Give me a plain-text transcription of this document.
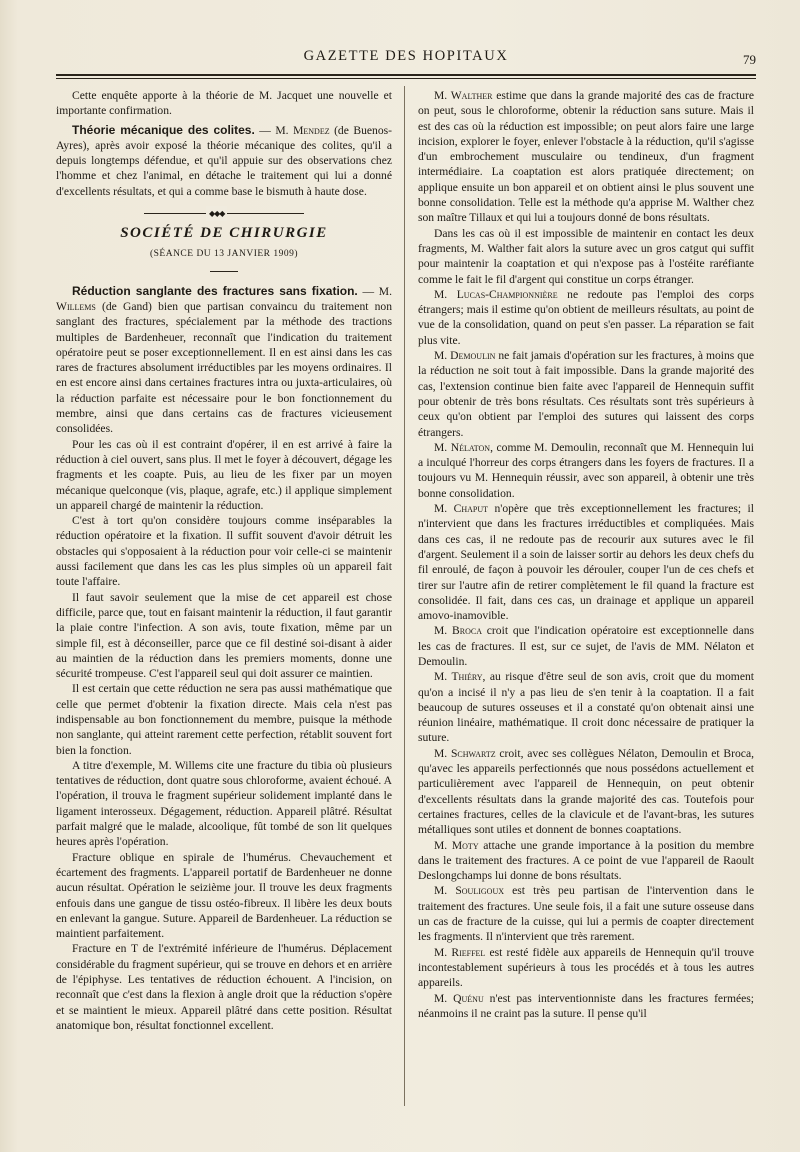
GAZETTE DES HOPITAUX	79

Cette enquête apporte à la théorie de M. Jacquet une nouvelle et importante confirmation.

Théorie mécanique des colites. — M. Mendez (de Buenos-Ayres), après avoir exposé la théorie mécanique des colites, qu'il a depuis longtemps défendue, et qu'il appuie sur des observations chez l'homme et chez l'animal, en détache le traitement qui lui a donné d'excellents résultats, et qui a comme base le bismuth à haute dose.

◆◆◆
SOCIÉTÉ DE CHIRURGIE
(SÉANCE DU 13 JANVIER 1909)

Réduction sanglante des fractures sans fixation. — M. Willems (de Gand) bien que partisan convaincu du traitement non sanglant des fractures, spécialement par la méthode des tractions multiples de Bardenheuer, reconnaît que l'indication du traitement opératoire peut se poser exceptionnellement. Il en est ainsi dans les cas rares de fractures absolument irréductibles par les moyens ordinaires. Il en est encore ainsi dans certaines fractures intra ou juxta-articulaires, où la réduction parfaite est nécessaire pour le bon fonctionnement du membre, ainsi que dans certains cas de fractures vicieusement consolidées.

Pour les cas où il est contraint d'opérer, il en est arrivé à faire la réduction à ciel ouvert, sans plus. Il met le foyer à découvert, dégage les fragments et les coapte. Puis, au lieu de les fixer par un moyen mécanique quelconque (vis, plaque, agrafe, etc.) il applique simplement un appareil chargé de maintenir la réduction.

C'est à tort qu'on considère toujours comme inséparables la réduction opératoire et la fixation. Il suffit souvent d'avoir détruit les obstacles qui s'opposaient à la réduction pour voir celle-ci se maintenir aussi facilement que dans les cas les plus simples où un appareil fait toute l'affaire.

Il faut savoir seulement que la mise de cet appareil est chose difficile, parce que, tout en faisant maintenir la réduction, il faut garantir la plaie contre l'infection. A son avis, toute fixation, même par un simple fil, est à déconseiller, parce que ce fil destiné soi-disant à aider au maintien de la réduction dans les premiers moments, donne une sécurité trompeuse. C'est l'appareil seul qui doit assurer ce maintien.

Il est certain que cette réduction ne sera pas aussi mathématique que celle que permet d'obtenir la fixation directe. Mais cela n'est pas indispensable au bon fonctionnement du membre, puisque la méthode non sanglante, qui atteint rarement cette perfection, rétablit souvent fort bien la fonction.

A titre d'exemple, M. Willems cite une fracture du tibia où plusieurs tentatives de réduction, dont quatre sous chloroforme, avaient échoué. A l'opération, il trouva le fragment supérieur solidement implanté dans le ligament interosseux. Dégagement, réduction. Appareil plâtré. Résultat parfait malgré que le malade, alcoolique, fût tombé de son lit quelques heures après l'opération.

Fracture oblique en spirale de l'humérus. Chevauchement et écartement des fragments. L'appareil portatif de Bardenheuer ne donne aucun résultat. Opération le seizième jour. Il trouve les deux fragments enfouis dans une gangue de tissu ostéo-fibreux. Il libère les deux bouts en enlevant la gangue. Suture. Appareil de Bardenheuer. La réduction se maintient parfaitement.

Fracture en T de l'extrémité inférieure de l'humérus. Déplacement considérable du fragment supérieur, qui se trouve en dehors et en arrière de l'épiphyse. Les tentatives de réduction échouent. A l'incision, on reconnaît que c'est dans la flexion à angle droit que la réduction s'opère et se maintient le mieux. Appareil plâtré dans cette position. Résultat anatomique bon, résultat fonctionnel excellent.

M. Walther estime que dans la grande majorité des cas de fracture on peut, sous le chloroforme, obtenir la réduction sans suture. Mais il est des cas où la réduction est impossible; on peut alors faire une large incision, explorer le foyer, enlever l'obstacle à la réduction, qu'il s'agisse d'un embrochement musculaire ou tendineux, d'un fragment intermédiaire. La coaptation est alors pratiquée directement; on applique ensuite un bon appareil et on obtient ainsi le plus souvent une bonne consolidation. Telle est la méthode qu'a apprise M. Walther chez son maître Tillaux et qui lui a toujours donné de bons résultats.

Dans les cas où il est impossible de maintenir en contact les deux fragments, M. Walther fait alors la suture avec un gros catgut qui suffit pour maintenir la coaptation et qui n'expose pas à l'ostéite raréfiante comme le fait le fil d'argent qui constitue un corps étranger.

M. Lucas-Championnière ne redoute pas l'emploi des corps étrangers; mais il estime qu'on obtient de meilleurs résultats, au point de vue de la consolidation, quand on peut s'en passer. La réparation se fait plus vite.

M. Demoulin ne fait jamais d'opération sur les fractures, à moins que la réduction ne soit tout à fait impossible. Dans la grande majorité des cas, l'extension continue bien faite avec l'appareil de Hennequin suffit pour obtenir de très bons résultats. Ces résultats sont très supérieurs à ceux qu'on obtient par l'emploi des sutures qui laissent des corps étrangers.

M. Nélaton, comme M. Demoulin, reconnaît que M. Hennequin lui a inculqué l'horreur des corps étrangers dans les foyers de fractures. Il a toujours vu M. Hennequin réussir, avec son appareil, à obtenir une très bonne consolidation.

M. Chaput n'opère que très exceptionnellement les fractures; il n'intervient que dans les fractures irréductibles et compliquées. Mais dans ces cas, il ne redoute pas de recourir aux sutures avec le fil d'argent. Seulement il a soin de laisser sortir au dehors les deux chefs du fil enroulé, de façon à pouvoir les dérouler, couper l'un de ces chefs et tirer sur l'autre afin de retirer complètement le fil quand la fracture est consolidée. Il fait, dans ces cas, un drainage et applique un appareil amovo-inamovible.

M. Broca croit que l'indication opératoire est exceptionnelle dans les cas de fractures. Il est, sur ce sujet, de l'avis de MM. Nélaton et Demoulin.

M. Thiéry, au risque d'être seul de son avis, croit que du moment qu'on a incisé il n'y a pas lieu de s'en tenir à la coaptation. Il a fait beaucoup de sutures osseuses et il a constaté qu'on obtenait ainsi une réunion linéaire, mathématique. Il croit donc nécessaire de pratiquer la suture.

M. Schwartz croit, avec ses collègues Nélaton, Demoulin et Broca, qu'avec les appareils perfectionnés que nous possédons actuellement et particulièrement avec l'appareil de Hennequin, on peut obtenir d'excellents résultats dans la grande majorité des cas. Toutefois pour certaines fractures, celles de la clavicule et de l'avant-bras, les sutures métalliques sont utiles et donnent de bonnes coaptations.

M. Moty attache une grande importance à la position du membre dans le traitement des fractures. A ce point de vue l'appareil de Raoult Deslongchamps lui donne de bons résultats.

M. Souligoux est très peu partisan de l'intervention dans le traitement des fractures. Une seule fois, il a fait une suture osseuse dans un cas de fracture de la cuisse, qui lui a permis de coapter directement les fragments. Il n'intervient que très rarement.

M. Rieffel est resté fidèle aux appareils de Hennequin qu'il trouve incontestablement supérieurs à tous les procédés et à tous les autres appareils.

M. Quénu n'est pas interventionniste dans les fractures fermées; néanmoins il ne craint pas la suture. Il pense qu'il
